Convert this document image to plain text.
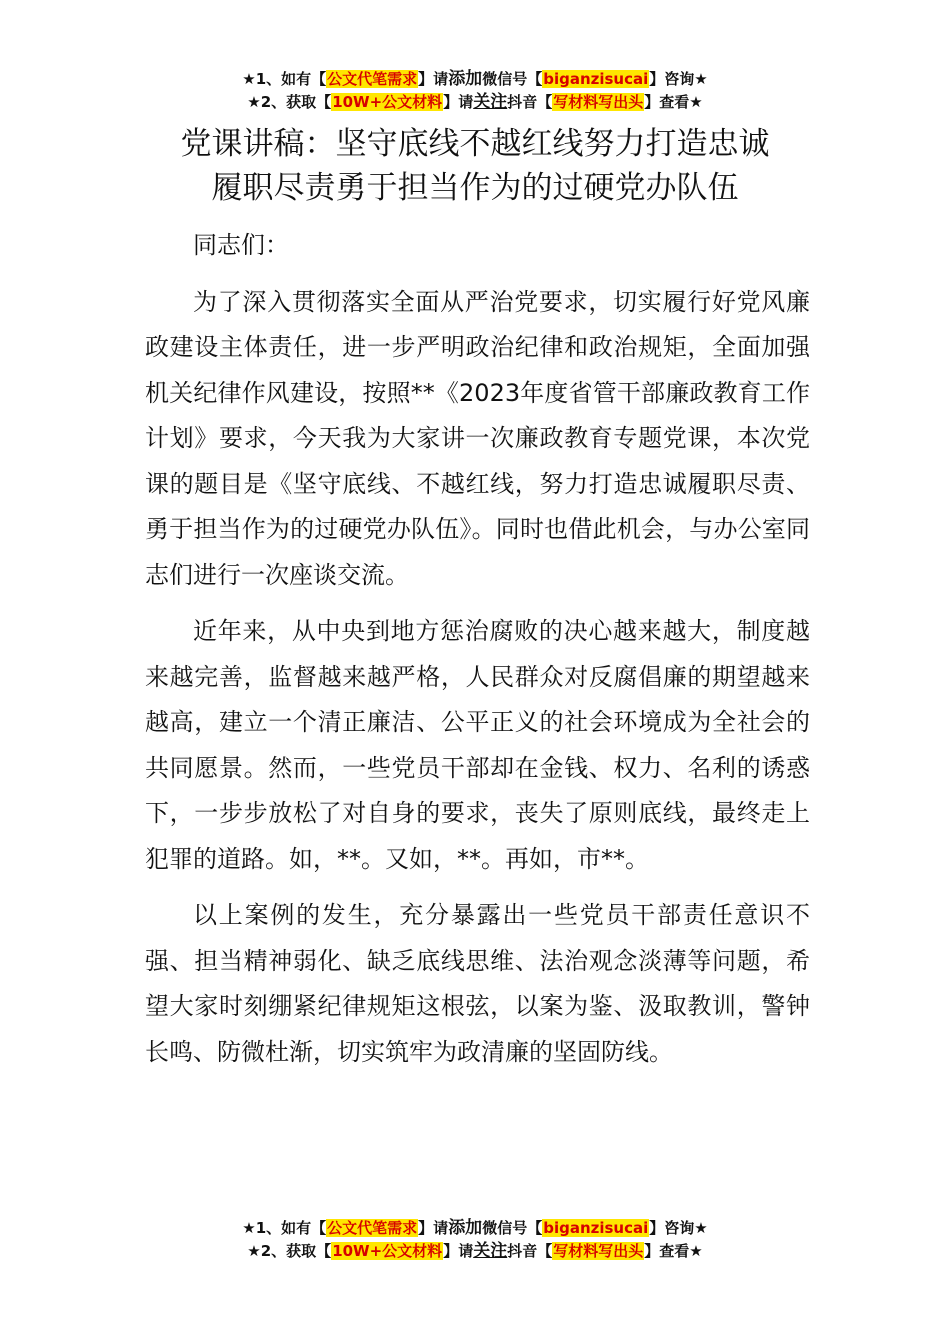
★1、如有【公文代笔需求】请添加微信号【biganzisucai】咨询★
★2、获取【10W+公文材料】请关注抖音【写材料写出头】查看★
党课讲稿：坚守底线不越红线努力打造忠诚
履职尽责勇于担当作为的过硬党办队伍

同志们：

为了深入贯彻落实全面从严治党要求，切实履行好党风廉政建设主体责任，进一步严明政治纪律和政治规矩，全面加强机关纪律作风建设，按照**《2023年度省管干部廉政教育工作计划》要求，今天我为大家讲一次廉政教育专题党课，本次党课的题目是《坚守底线、不越红线，努力打造忠诚履职尽责、勇于担当作为的过硬党办队伍》。同时也借此机会，与办公室同志们进行一次座谈交流。

近年来，从中央到地方惩治腐败的决心越来越大，制度越来越完善，监督越来越严格，人民群众对反腐倡廉的期望越来越高，建立一个清正廉洁、公平正义的社会环境成为全社会的共同愿景。然而，一些党员干部却在金钱、权力、名利的诱惑下，一步步放松了对自身的要求，丧失了原则底线，最终走上犯罪的道路。如，**。又如，**。再如，市**。

以上案例的发生，充分暴露出一些党员干部责任意识不强、担当精神弱化、缺乏底线思维、法治观念淡薄等问题，希望大家时刻绷紧纪律规矩这根弦，以案为鉴、汲取教训，警钟长鸣、防微杜渐，切实筑牢为政清廉的坚固防线。

★1、如有【公文代笔需求】请添加微信号【biganzisucai】咨询★
★2、获取【10W+公文材料】请关注抖音【写材料写出头】查看★
